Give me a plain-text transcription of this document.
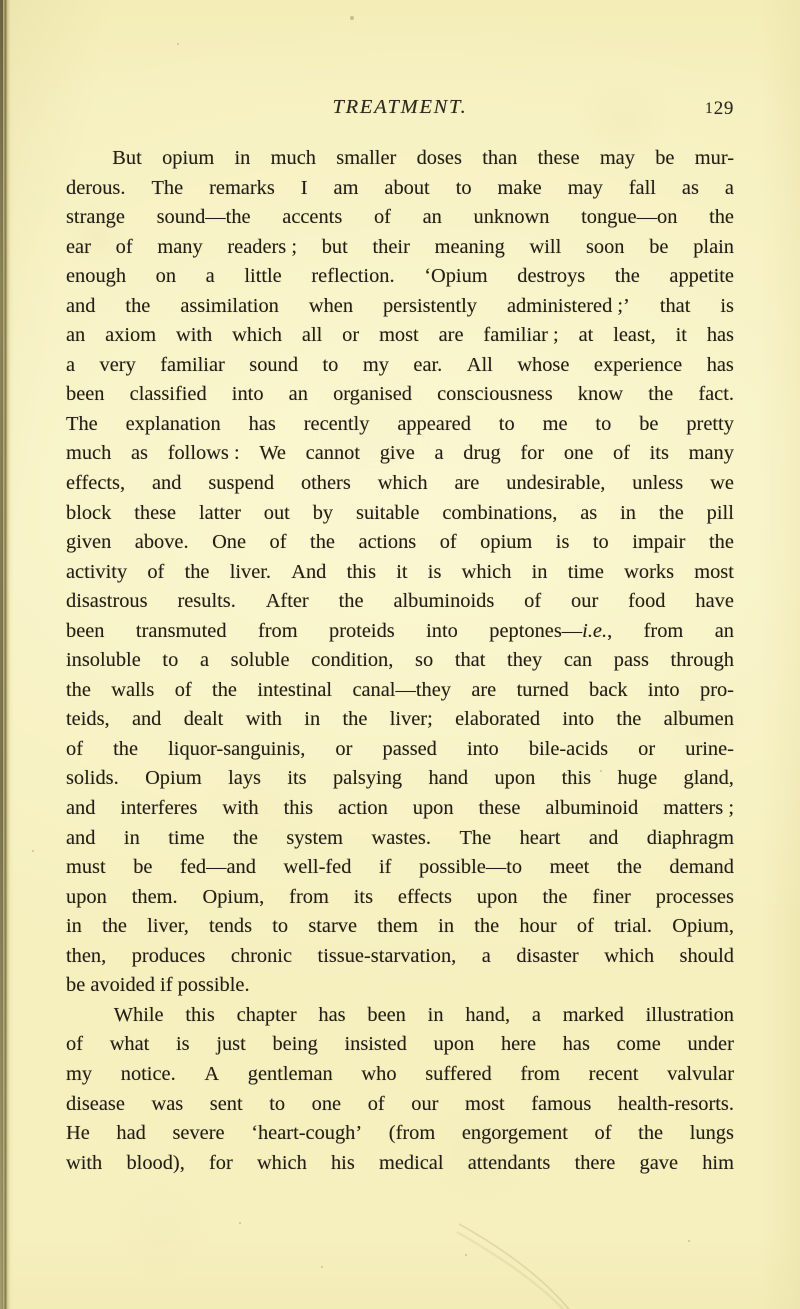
TREATMENT.	129
But opium in much smaller doses than these may be mur-
derous. The remarks I am about to make may fall as a
strange sound—the accents of an unknown tongue—on the
ear of many readers ; but their meaning will soon be plain
enough on a little reflection. ‘Opium destroys the appetite
and the assimilation when persistently administered ;’ that is
an axiom with which all or most are familiar ; at least, it has
a very familiar sound to my ear. All whose experience has
been classified into an organised consciousness know the fact.
The explanation has recently appeared to me to be pretty
much as follows : We cannot give a drug for one of its many
effects, and suspend others which are undesirable, unless we
block these latter out by suitable combinations, as in the pill
given above. One of the actions of opium is to impair the
activity of the liver. And this it is which in time works most
disastrous results. After the albuminoids of our food have
been transmuted from proteids into peptones—i.e., from an
insoluble to a soluble condition, so that they can pass through
the walls of the intestinal canal—they are turned back into pro-
teids, and dealt with in the liver; elaborated into the albumen
of the liquor-sanguinis, or passed into bile-acids or urine-
solids. Opium lays its palsying hand upon this huge gland,
and interferes with this action upon these albuminoid matters ;
and in time the system wastes. The heart and diaphragm
must be fed—and well-fed if possible—to meet the demand
upon them. Opium, from its effects upon the finer processes
in the liver, tends to starve them in the hour of trial. Opium,
then, produces chronic tissue-starvation, a disaster which should
be
avoided
if
possible.
While this chapter has been in hand, a marked illustration
of what is just being insisted upon here has come under
my notice. A gentleman who suffered from recent valvular
disease was sent to one of our most famous health-resorts.
He had severe ‘heart-cough’ (from engorgement of the lungs
with blood), for which his medical attendants there gave him
